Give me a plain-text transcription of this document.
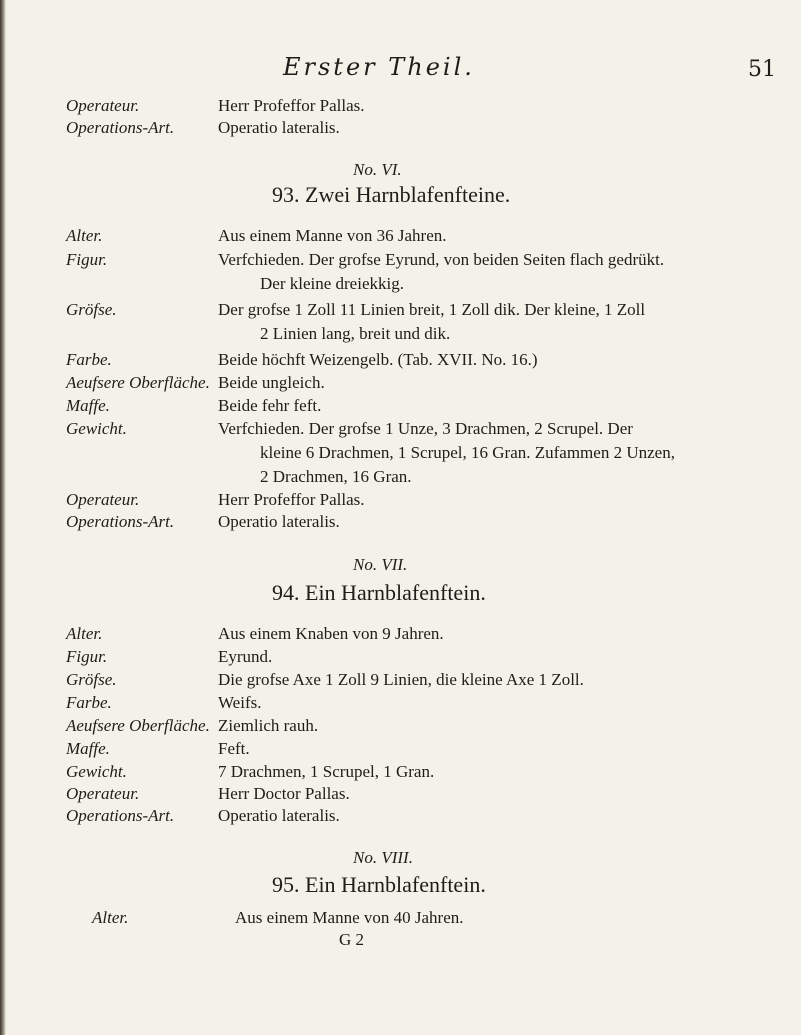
Erster Theil.	51
Operateur.	Herr Profeffor Pallas.
Operations-Art.	Operatio lateralis.
No. VI.
93. Zwei Harnblafenfteine.
Alter.	Aus einem Manne von 36 Jahren.
Figur.	Verfchieden. Der grofse Eyrund, von beiden Seiten flach gedrükt.
Der kleine dreiekkig.
Gröfse.	Der grofse 1 Zoll 11 Linien breit, 1 Zoll dik. Der kleine, 1 Zoll
2 Linien lang, breit und dik.
Farbe.	Beide höchft Weizengelb. (Tab. XVII. No. 16.)
Aeufsere Oberfläche. Beide ungleich.
Maffe.	Beide fehr feft.
Gewicht.	Verfchieden. Der grofse 1 Unze, 3 Drachmen, 2 Scrupel. Der
kleine 6 Drachmen, 1 Scrupel, 16 Gran. Zufammen 2 Unzen,
2 Drachmen, 16 Gran.
Operateur.	Herr Profeffor Pallas.
Operations-Art.	Operatio lateralis.
No. VII.
94. Ein Harnblafenftein.
Alter.	Aus einem Knaben von 9 Jahren.
Figur.	Eyrund.
Gröfse.	Die grofse Axe 1 Zoll 9 Linien, die kleine Axe 1 Zoll.
Farbe.	Weifs.
Aeufsere Oberfläche. Ziemlich rauh.
Maffe.	Feft.
Gewicht.	7 Drachmen, 1 Scrupel, 1 Gran.
Operateur.	Herr Doctor Pallas.
Operations-Art.	Operatio lateralis.
No. VIII.
95. Ein Harnblafenftein.
Alter.	Aus einem Manne von 40 Jahren.
G 2
